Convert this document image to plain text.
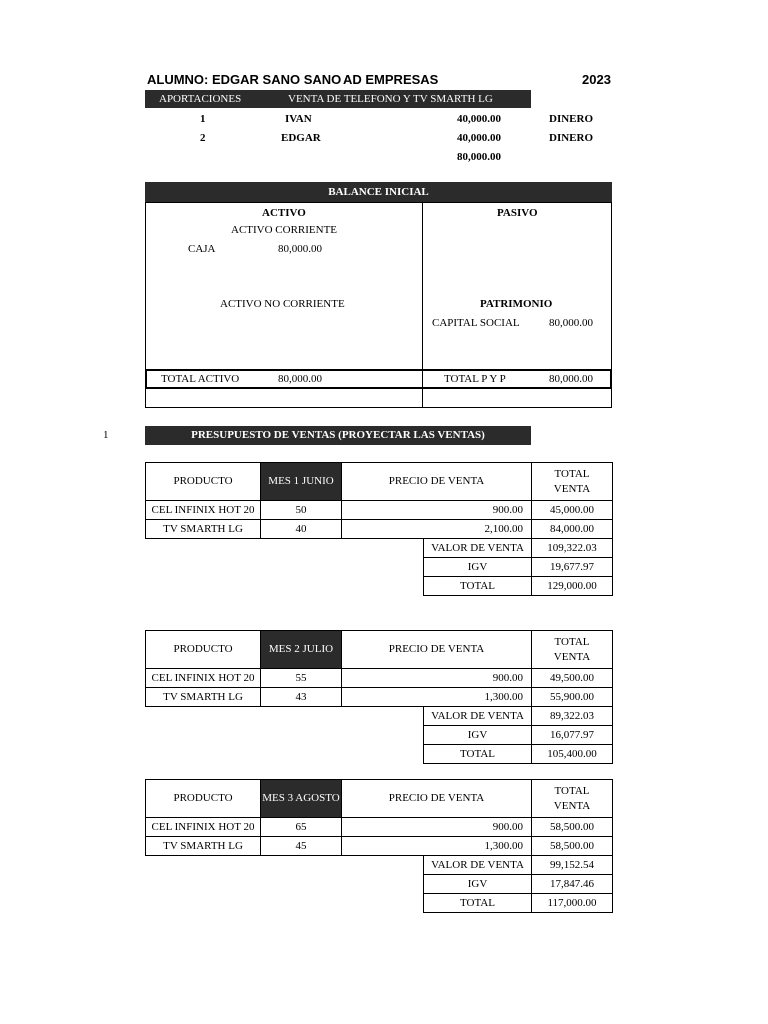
ALUMNO: EDGAR SANO SANO AD EMPRESAS	2023
APORTACIONES	VENTA DE TELEFONO Y TV SMARTH LG
1	IVAN	40,000.00	DINERO
2	EDGAR	40,000.00	DINERO
80,000.00
BALANCE INICIAL
ACTIVO	PASIVO
ACTIVO CORRIENTE
CAJA	80,000.00
ACTIVO NO CORRIENTE	PATRIMONIO
CAPITAL SOCIAL	80,000.00
TOTAL ACTIVO	80,000.00	TOTAL P Y P	80,000.00
1	PRESUPUESTO DE VENTAS (PROYECTAR LAS VENTAS)
PRODUCTO	MES 1 JUNIO	PRECIO DE VENTA
TOTAL VENTA
CEL INFINIX HOT 20	50	900.00	45,000.00
TV SMARTH LG	40	2,100.00	84,000.00
VALOR DE VENTA	109,322.03
IGV	19,677.97
TOTAL	129,000.00
PRODUCTO	MES 2 JULIO	PRECIO DE VENTA
TOTAL VENTA
CEL INFINIX HOT 20	55	900.00	49,500.00
TV SMARTH LG	43	1,300.00	55,900.00
VALOR DE VENTA	89,322.03
IGV	16,077.97
TOTAL	105,400.00
PRODUCTO	MES 3 AGOSTO	PRECIO DE VENTA
TOTAL VENTA
CEL INFINIX HOT 20	65	900.00	58,500.00
TV SMARTH LG	45	1,300.00	58,500.00
VALOR DE VENTA	99,152.54
IGV	17,847.46
TOTAL	117,000.00
